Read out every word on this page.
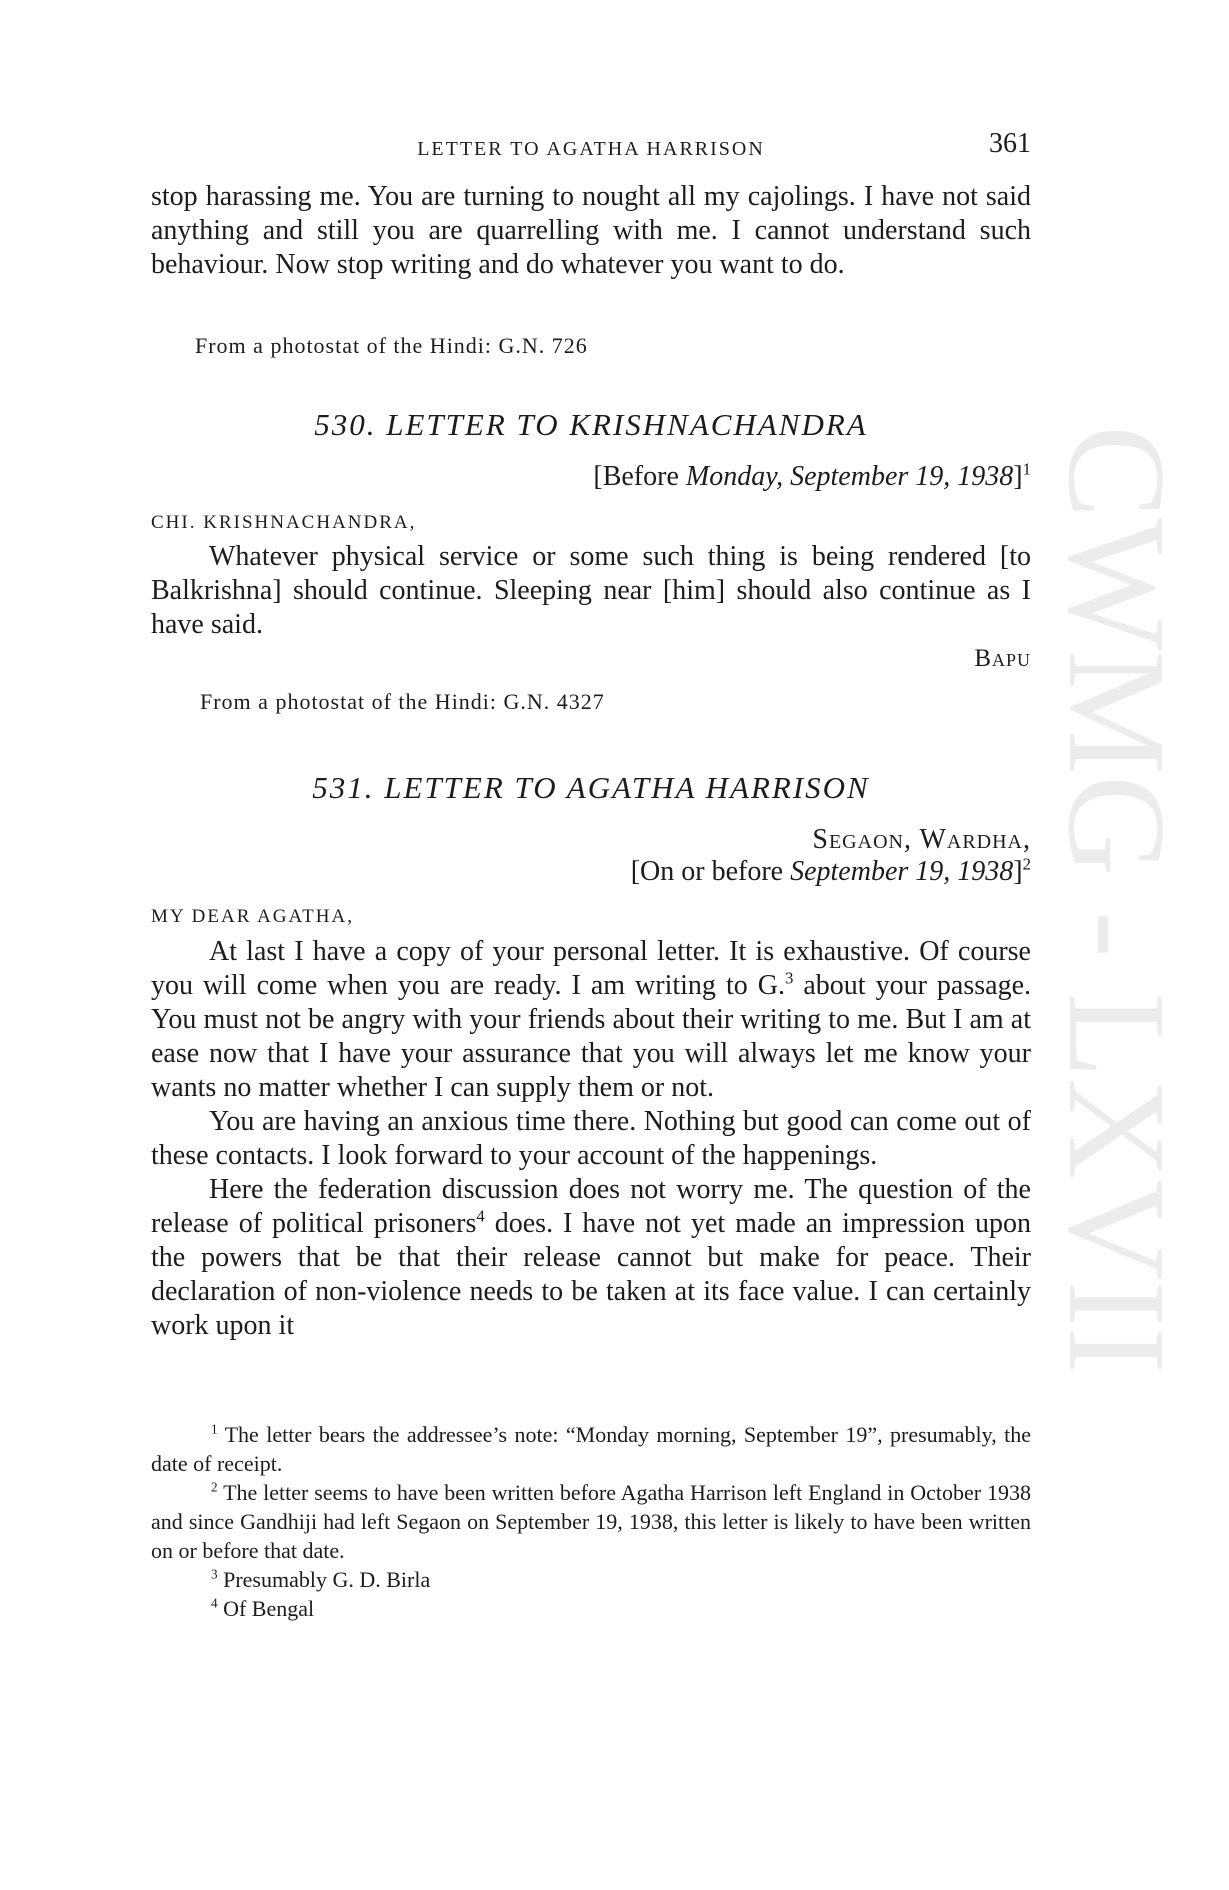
CWMG - LXVII
LETTER TO AGATHA HARRISON	361

stop harassing me. You are turning to nought all my cajolings. I have not said anything and still you are quarrelling with me. I cannot understand such behaviour. Now stop writing and do whatever you want to do.

From a photostat of the Hindi: G.N. 726
530. LETTER TO KRISHNACHANDRA
[Before Monday, September 19, 1938]$^1$
CHI. KRISHNACHANDRA,

Whatever physical service or some such thing is being rendered [to Balkrishna] should continue. Sleeping near [him] should also continue as I have said.

Bapu
From a photostat of the Hindi: G.N. 4327
531. LETTER TO AGATHA HARRISON
Segaon, Wardha,
[On or before September 19, 1938]$^2$
MY DEAR AGATHA,

At last I have a copy of your personal letter. It is exhaustive. Of course you will come when you are ready. I am writing to G.$^3$ about your passage. You must not be angry with your friends about their writing to me. But I am at ease now that I have your assurance that you will always let me know your wants no matter whether I can supply them or not.

You are having an anxious time there. Nothing but good can come out of these contacts. I look forward to your account of the happenings.

Here the federation discussion does not worry me. The question of the release of political prisoners$^4$ does. I have not yet made an impression upon the powers that be that their release cannot but make for peace. Their declaration of non-violence needs to be taken at its face value. I can certainly work upon it

$^1$ The letter bears the addressee’s note: “Monday morning, September 19”, presumably, the date of receipt.

$^2$ The letter seems to have been written before Agatha Harrison left England in October 1938 and since Gandhiji had left Segaon on September 19, 1938, this letter is likely to have been written on or before that date.

$^3$ Presumably G. D. Birla

$^4$ Of Bengal
